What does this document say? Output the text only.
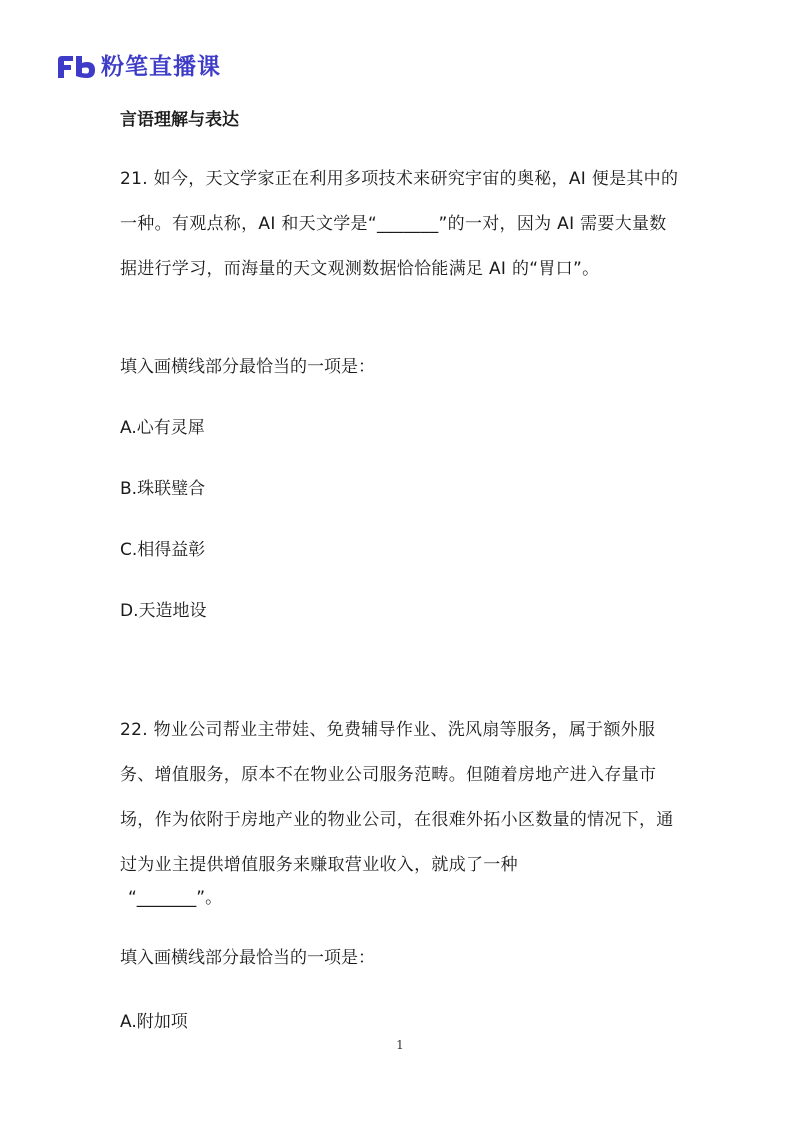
粉笔直播课
言语理解与表达

21. 如今，天文学家正在利用多项技术来研究宇宙的奥秘，AI 便是其中的一种。有观点称，AI 和天文学是“_______”的一对，因为 AI 需要大量数据进行学习，而海量的天文观测数据恰恰能满足 AI 的“胃口”。

填入画横线部分最恰当的一项是：

A.心有灵犀

B.珠联璧合

C.相得益彰

D.天造地设

22. 物业公司帮业主带娃、免费辅导作业、洗风扇等服务，属于额外服务、增值服务，原本不在物业公司服务范畴。但随着房地产进入存量市场，作为依附于房地产业的物业公司，在很难外拓小区数量的情况下，通过为业主提供增值服务来赚取营业收入，就成了一种

“_______”。

填入画横线部分最恰当的一项是：

A.附加项

1
